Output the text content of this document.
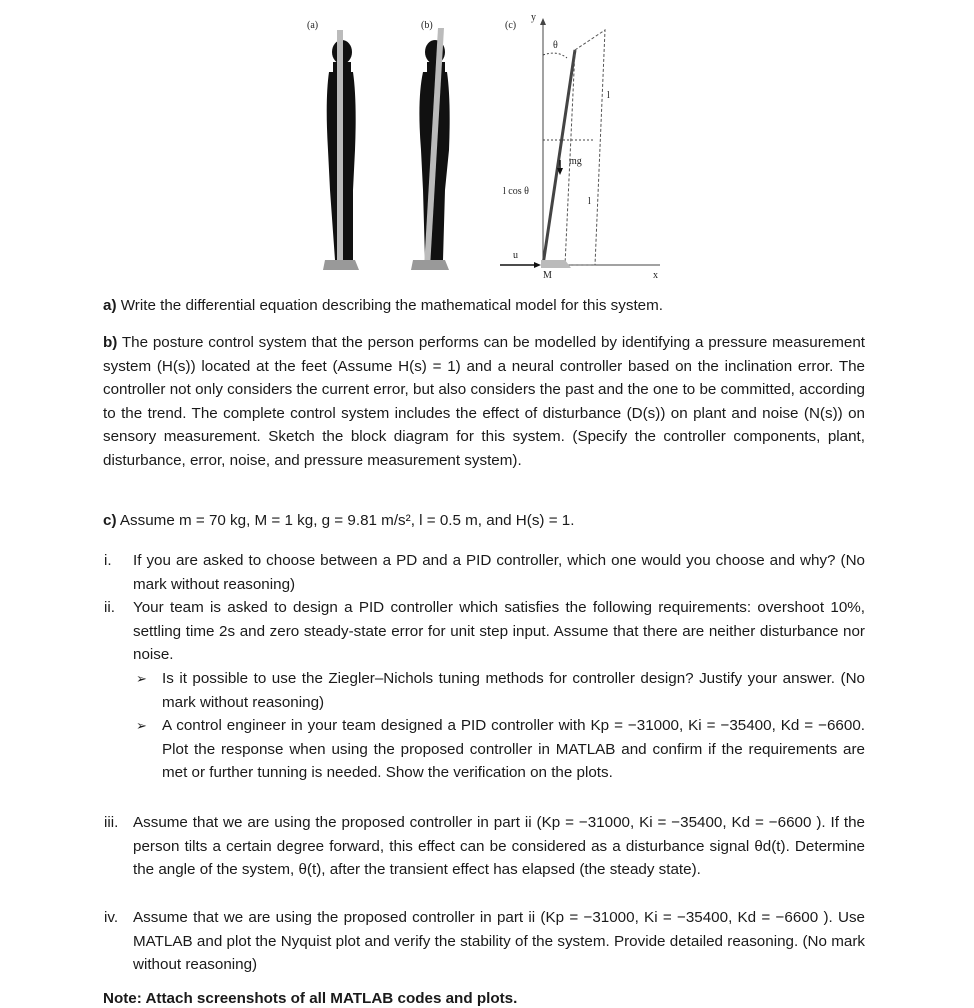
(a)	(b)	(c)
y
x
θ
mg
l
l
l cos θ
u
M
a) Write the differential equation describing the mathematical model for this system.
b) The posture control system that the person performs can be modelled by identifying a pressure measurement system (H(s)) located at the feet (Assume H(s) = 1) and a neural controller based on the inclination error. The controller not only considers the current error, but also considers the past and the one to be committed, according to the trend. The complete control system includes the effect of disturbance (D(s)) on plant and noise (N(s)) on sensory measurement. Sketch the block diagram for this system. (Specify the controller components, plant, disturbance, error, noise, and pressure measurement system).
c) Assume m = 70 kg, M = 1 kg, g = 9.81 m/s², l = 0.5 m, and H(s) = 1.
i. If you are asked to choose between a PD and a PID controller, which one would you choose and why? (No mark without reasoning)
ii. Your team is asked to design a PID controller which satisfies the following requirements: overshoot 10%, settling time 2s and zero steady-state error for unit step input. Assume that there are neither disturbance nor noise.
➢ Is it possible to use the Ziegler–Nichols tuning methods for controller design? Justify your answer. (No mark without reasoning)
➢ A control engineer in your team designed a PID controller with Kp = −31000, Ki = −35400, Kd = −6600. Plot the response when using the proposed controller in MATLAB and confirm if the requirements are met or further tunning is needed. Show the verification on the plots.
iii. Assume that we are using the proposed controller in part ii (Kp = −31000, Ki = −35400, Kd = −6600 ). If the person tilts a certain degree forward, this effect can be considered as a disturbance signal θd(t). Determine the angle of the system, θ(t), after the transient effect has elapsed (the steady state).
iv. Assume that we are using the proposed controller in part ii (Kp = −31000, Ki = −35400, Kd = −6600 ). Use MATLAB and plot the Nyquist plot and verify the stability of the system. Provide detailed reasoning. (No mark without reasoning)
Note: Attach screenshots of all MATLAB codes and plots.
